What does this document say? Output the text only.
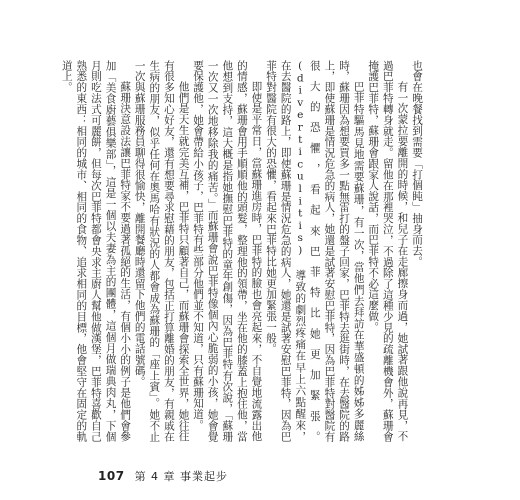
也會在晚餐找到需要「打個盹」抽身而去。

有一次蒙拉要離開的時候，和兒子在走廊擦身而過，她試著跟他說再見，不過巴菲特轉身就走。留他在那裡哭泣，不過除了這種少見的疏離機會外，蘇珊會掩護巴菲特，蘇珊會跟家人說話，而巴菲特不必這麼做。

巴菲特驅馬見地需要蘇珊，有一次，當他們去拜訪在華盛頓的姊姊多麗絲時，蘇珊因為想要買多一點無雷打的盤子回家，巴菲特去逛街時，在去醫院的路上，即使蘇珊是情況危急的病人，她還是試著安慰巴菲特，因為巴菲特對醫院有很大的恐懼，看起來巴菲特比她更加緊張。(diverticulitis) 導致的劇烈疼痛在早上六點醒來，在去醫院的路上，即使蘇珊是情況危急的病人，她還是試著安慰巴菲特，因為巴菲特對醫院有很大的恐懼，看起來巴菲特比她更加緊張一般。

即使是平常日，當蘇珊進房時，巴菲特的臉也會亮起來，不自覺地流露出他的情感，蘇珊會用手順順他的頭髮，整理他的領帶，坐在他的膝蓋上抱住他，當他想到支持，這大概是指她撫慰巴菲特的童年創傷，因為巴菲特有次說，「蘇珊一次又一次地移除我的痛苦。」而蘇珊會說巴菲特像個內心脆弱的小孩，她會覺要保護他，她會帶給小孩子，巴菲特有些部分他們並不知道，只有蘇珊知道。

他們是天生就完美互補，巴菲特只顧著自己，而蘇珊會探索全世界，她往往有很多知心好友，還有想要尋求慰藉的朋友，包括正打算離婚的朋友，有親戚在生病的朋友，似乎任何在奧馬哈有狀況的人都會成為蘇珊的「座上賓」。她不止一次與蘇珊服務員聊得很愉快，離開餐廳時還留下他們的電話號碼。

蘇珊決意設法讓巴菲特家不要過著孤絕的生活，有個小小的例子是他們會參加「美食廚藝俱樂部」，這是一個以夫妻為主的團體，這個月做瑞典肉丸，下個月則吃法式可麗餅，但每次巴菲特都會央求主廚人幫他做漢堡，巴菲特喜歡自己熟悉的東西：相同的城市、相同的食物、追求相同的目標，他會堅守在固定的軌道上。

107 第 4 章 事業起步
